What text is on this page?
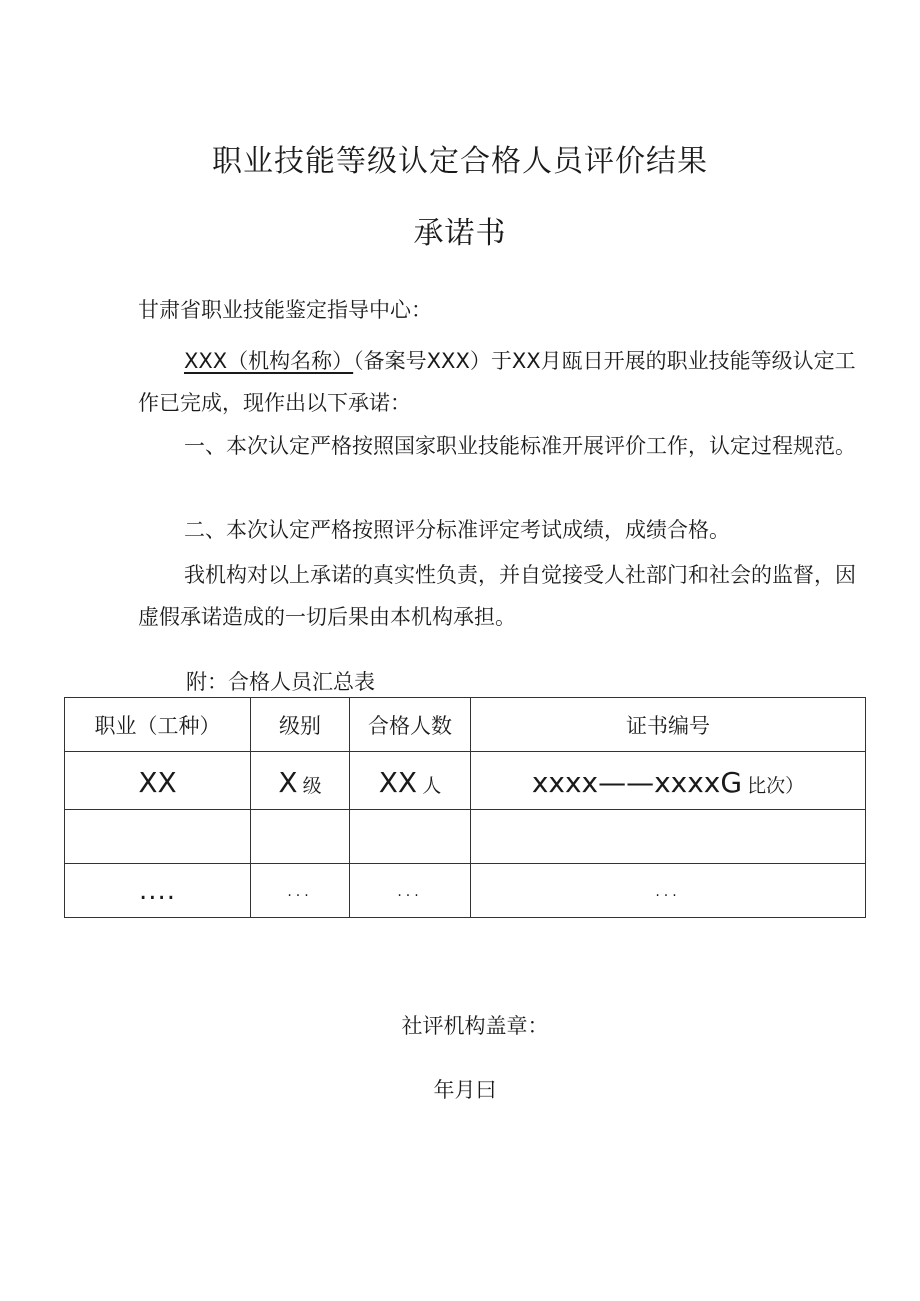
职业技能等级认定合格人员评价结果
承诺书

甘肃省职业技能鉴定指导中心：

XXX（机构名称）（备案号XXX）于XX月瓯日开展的职业技能等级认定工作已完成，现作出以下承诺：

一、本次认定严格按照国家职业技能标准开展评价工作，认定过程规范。

二、本次认定严格按照评分标准评定考试成绩，成绩合格。

我机构对以上承诺的真实性负责，并自觉接受人社部门和社会的监督，因虚假承诺造成的一切后果由本机构承担。

附：合格人员汇总表

职业（工种）	级别	合格人数	证书编号
XX	X 级	XX 人	xxxx——xxxxG 比次）

....	...	...	...

社评机构盖章：

年月曰
